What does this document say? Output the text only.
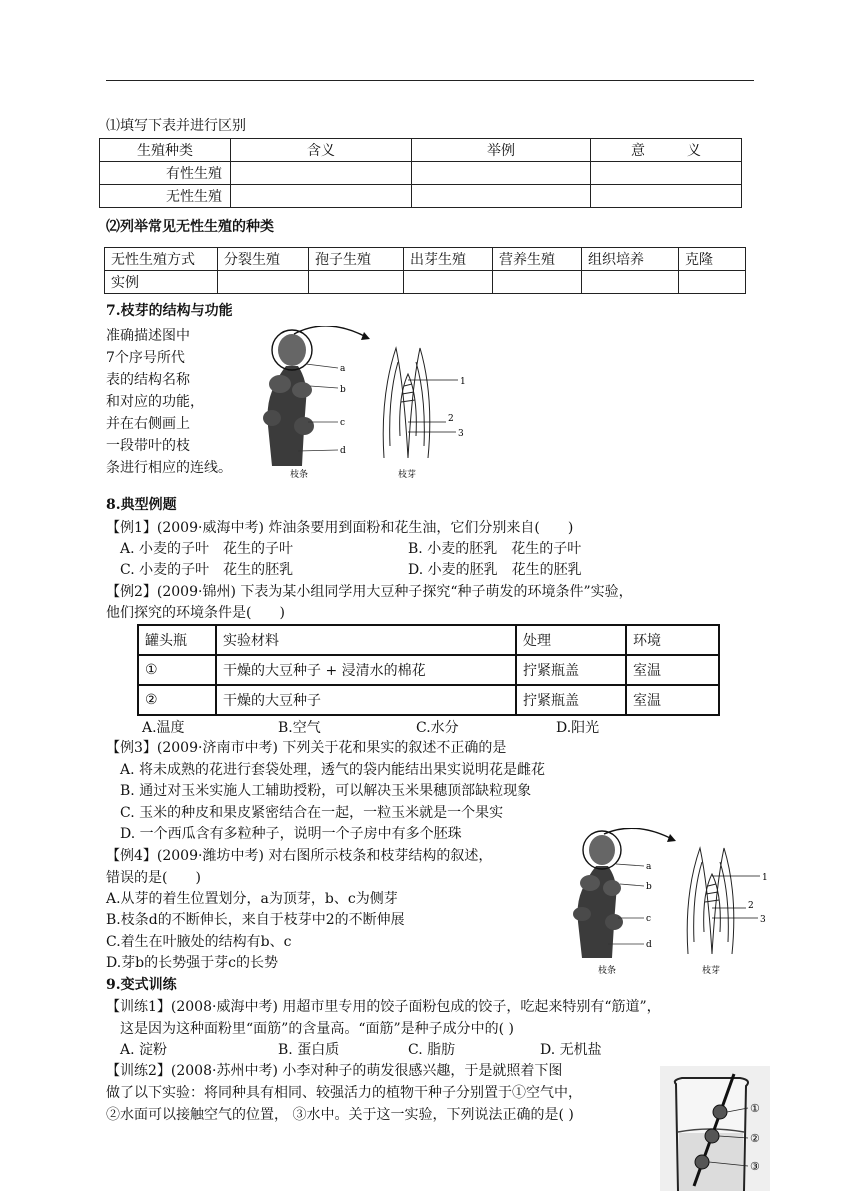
⑴填写下表并进行区别
生殖种类	含义	举例	意　　　义
有性生殖			
无性生殖			
⑵列举常见无性生殖的种类
无性生殖方式	分裂生殖	孢子生殖	出芽生殖	营养生殖	组织培养	克隆
实例						
7.枝芽的结构与功能
准确描述图中
7个序号所代
表的结构名称
和对应的功能，
并在右侧画上
一段带叶的枝
条进行相应的连线。
a
b
c
d
枝条
1
2
3
枝芽
8.典型例题
【例1】(2009·威海中考) 炸油条要用到面粉和花生油，它们分别来自(　　)
A. 小麦的子叶　花生的子叶	B. 小麦的胚乳　花生的子叶
C. 小麦的子叶　花生的胚乳	D. 小麦的胚乳　花生的胚乳
【例2】(2009·锦州) 下表为某小组同学用大豆种子探究“种子萌发的环境条件”实验，
他们探究的环境条件是(　　)
罐头瓶	实验材料	处理	环境
①	干燥的大豆种子 + 浸清水的棉花	拧紧瓶盖	室温
②	干燥的大豆种子	拧紧瓶盖	室温
A.温度	B.空气	C.水分	D.阳光
【例3】(2009·济南市中考) 下列关于花和果实的叙述不正确的是
A. 将未成熟的花进行套袋处理，透气的袋内能结出果实说明花是雌花
B. 通过对玉米实施人工辅助授粉，可以解决玉米果穗顶部缺粒现象
C. 玉米的种皮和果皮紧密结合在一起，一粒玉米就是一个果实
D. 一个西瓜含有多粒种子，说明一个子房中有多个胚珠
【例4】(2009·潍坊中考) 对右图所示枝条和枝芽结构的叙述，
错误的是(　　)
A.从芽的着生位置划分，a为顶芽，b、c为侧芽
B.枝条d的不断伸长，来自于枝芽中2的不断伸展
C.着生在叶腋处的结构有b、c
D.芽b的长势强于芽c的长势
a
b
c
d
枝条
1
2
3
枝芽
9.变式训练
【训练1】(2008·威海中考) 用超市里专用的饺子面粉包成的饺子，吃起来特别有“筋道”，
这是因为这种面粉里“面筋”的含量高。“面筋”是种子成分中的( )
A. 淀粉	B. 蛋白质	C. 脂肪	D. 无机盐
【训练2】(2008·苏州中考) 小李对种子的萌发很感兴趣，于是就照着下图
做了以下实验：将同种具有相同、较强活力的植物干种子分别置于①空气中，
②水面可以接触空气的位置， ③水中。关于这一实验，下列说法正确的是( )	①
②
③
